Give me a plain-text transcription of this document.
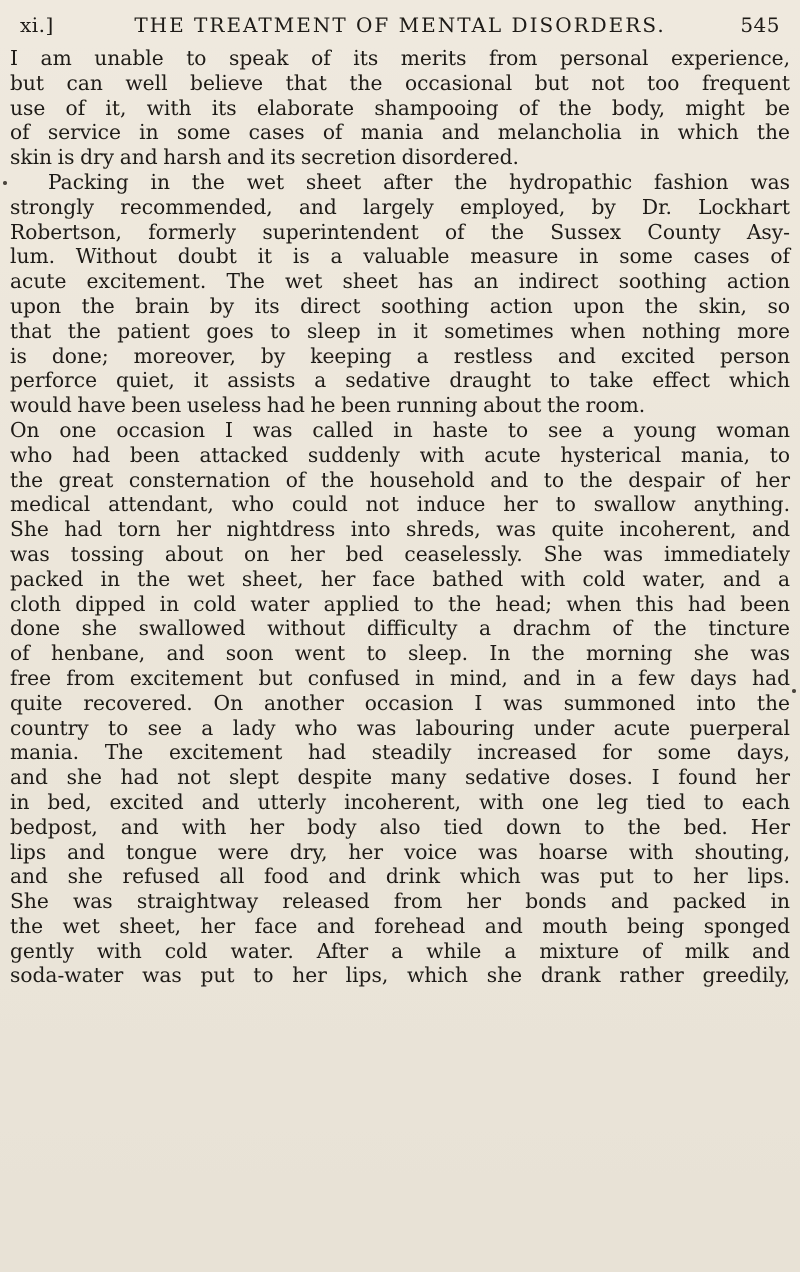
xi.]	THE TREATMENT OF MENTAL DISORDERS.	545
I am unable to speak of its merits from personal experience,
but can well believe that the occasional but not too frequent
use of it, with its elaborate shampooing of the body, might be
of service in some cases of mania and melancholia in which the
skin is dry and harsh and its secretion disordered.
Packing in the wet sheet after the hydropathic fashion was
strongly recommended, and largely employed, by Dr. Lockhart
Robertson, formerly superintendent of the Sussex County Asy-
lum. Without doubt it is a valuable measure in some cases of
acute excitement. The wet sheet has an indirect soothing action
upon the brain by its direct soothing action upon the skin, so
that the patient goes to sleep in it sometimes when nothing more
is done; moreover, by keeping a restless and excited person
perforce quiet, it assists a sedative draught to take effect which
would have been useless had he been running about the room.
On one occasion I was called in haste to see a young woman
who had been attacked suddenly with acute hysterical mania, to
the great consternation of the household and to the despair of her
medical attendant, who could not induce her to swallow anything.
She had torn her nightdress into shreds, was quite incoherent, and
was tossing about on her bed ceaselessly. She was immediately
packed in the wet sheet, her face bathed with cold water, and a
cloth dipped in cold water applied to the head; when this had been
done she swallowed without difficulty a drachm of the tincture
of henbane, and soon went to sleep. In the morning she was
free from excitement but confused in mind, and in a few days had
quite recovered. On another occasion I was summoned into the
country to see a lady who was labouring under acute puerperal
mania. The excitement had steadily increased for some days,
and she had not slept despite many sedative doses. I found her
in bed, excited and utterly incoherent, with one leg tied to each
bedpost, and with her body also tied down to the bed. Her
lips and tongue were dry, her voice was hoarse with shouting,
and she refused all food and drink which was put to her lips.
She was straightway released from her bonds and packed in
the wet sheet, her face and forehead and mouth being sponged
gently with cold water. After a while a mixture of milk and
soda-water was put to her lips, which she drank rather greedily,
